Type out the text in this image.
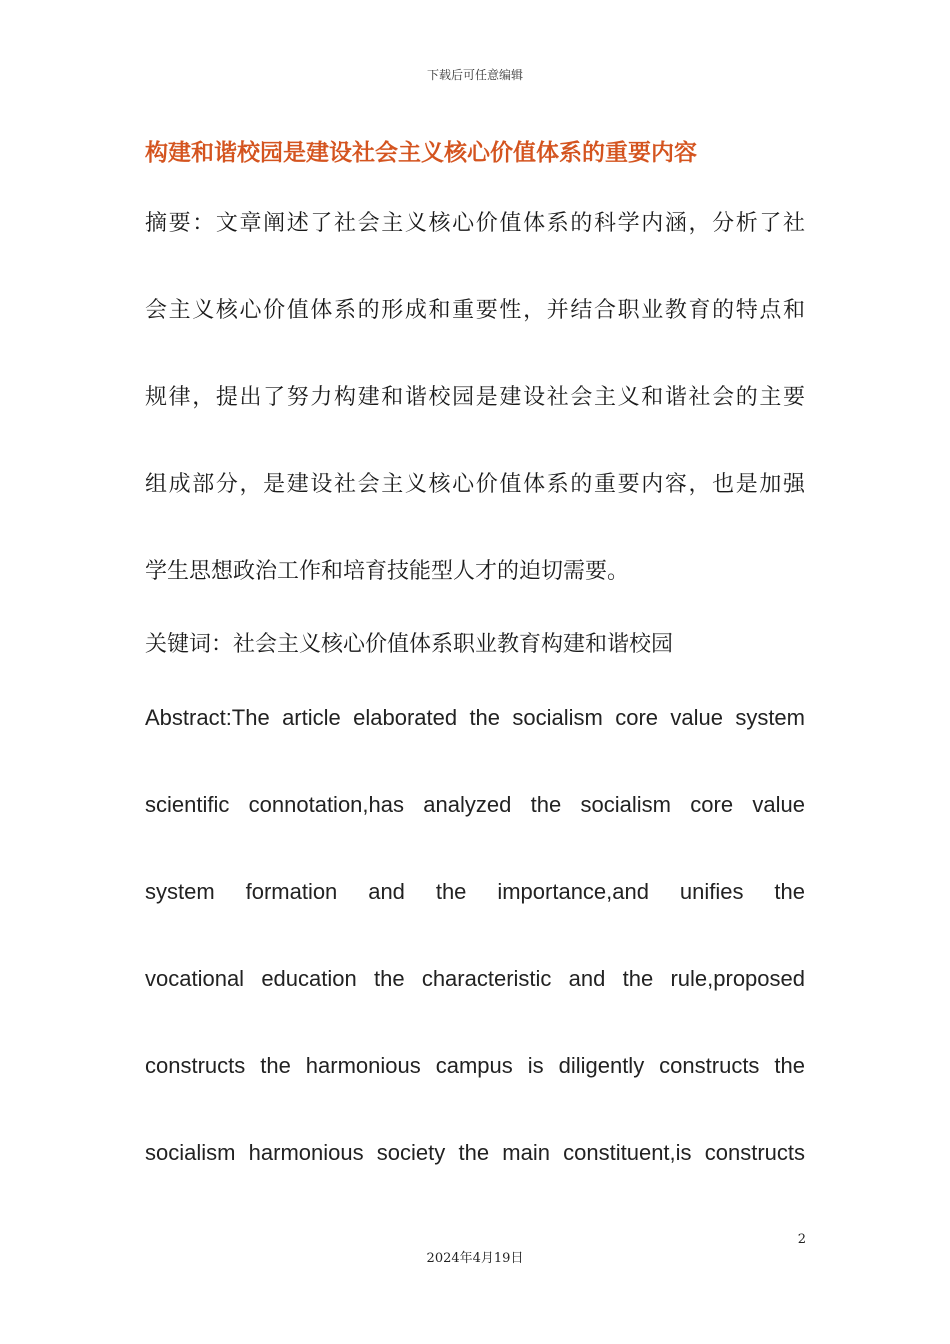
下载后可任意编辑
构建和谐校园是建设社会主义核心价值体系的重要内容
摘要：文章阐述了社会主义核心价值体系的科学内涵，分析了社
会主义核心价值体系的形成和重要性，并结合职业教育的特点和
规律，提出了努力构建和谐校园是建设社会主义和谐社会的主要
组成部分，是建设社会主义核心价值体系的重要内容，也是加强
学生思想政治工作和培育技能型人才的迫切需要。
关键词：社会主义核心价值体系职业教育构建和谐校园
Abstract:The article elaborated the socialism core value system
scientific connotation,has analyzed the socialism core value
system formation and the importance,and unifies the
vocational education the characteristic and the rule,proposed
constructs the harmonious campus is diligently constructs the
socialism harmonious society the main constituent,is constructs
2
2024年4月19日
